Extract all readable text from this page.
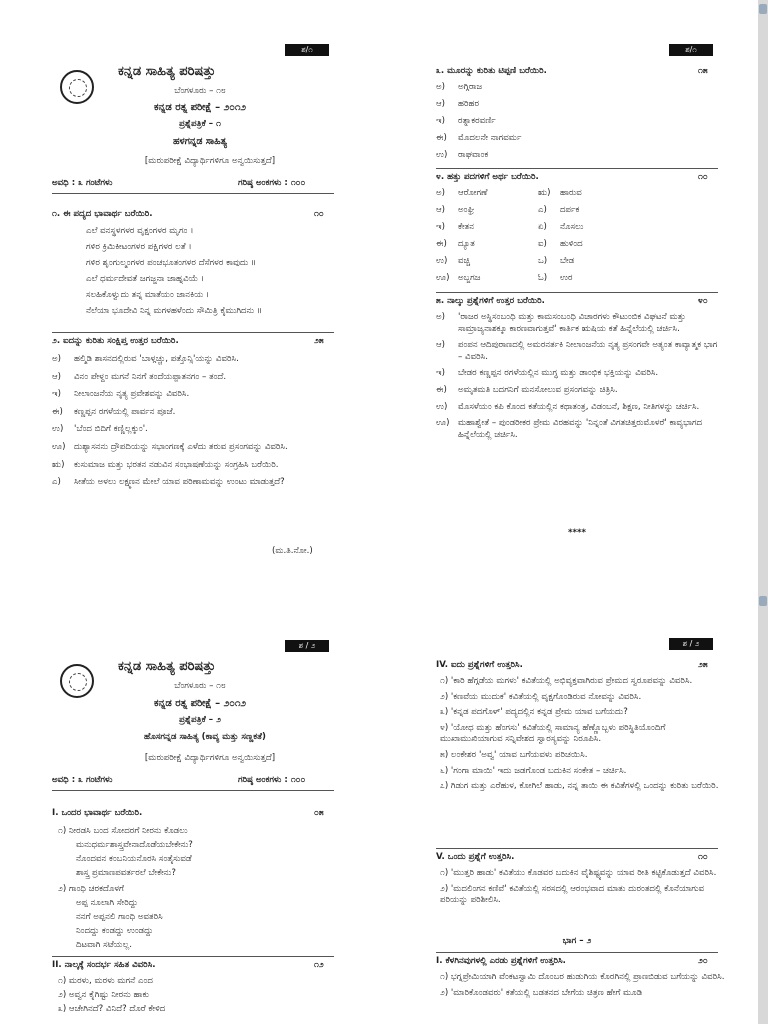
ಶ/೧
ಕನ್ನಡ ಸಾಹಿತ್ಯ ಪರಿಷತ್ತು
ಬೆಂಗಳೂರು – ೧೮
ಕನ್ನಡ ರತ್ನ ಪರೀಕ್ಷೆ – ೨೦೧೨
ಪ್ರಶ್ನೆಪತ್ರಿಕೆ – ೧
ಹಳಗನ್ನಡ ಸಾಹಿತ್ಯ
[ಮರುಪರೀಕ್ಷೆ ವಿದ್ಯಾರ್ಥಿಗಳಿಗೂ ಅನ್ವಯಿಸುತ್ತದೆ]
ಅವಧಿ : ೩ ಗಂಟೆಗಳು	ಗರಿಷ್ಠ ಅಂಕಗಳು : ೧೦೦
೧. ಈ ಪದ್ಯದ ಭಾವಾರ್ಥ ಬರೆಯಿರಿ.	೧೦
ಎಲೆ ವನಸ್ಥಳಗಳರ ವೃಕ್ಷಂಗಳರ ಮೃಗಂ ।
ಗಳಿರ ಕ್ರಿಮಿಕೀಟಂಗಳರ ಪಕ್ಷಿಗಳರ ಲತೆ ।
ಗಳಿರ ಶೃಂಗುಲ್ಮಂಗಳರ ಪಂಚಭೂತಂಗಳರ ದೆಸೆಗಳರ ಕಾವುದು ॥
ಎಲೆ ಧರ್ಮದೇವತೆ ಜಗಜ್ಜನಾ ಜಾಹ್ನವಿಯೆ ।
ಸಲಹಿಕೊಳ್ವುದು ತನ್ನ ಮಾತೆಯಂ ಜಾನಕಿಯ ।
ನೆಲೆಯಾ ಭೂದೇವಿ ನಿನ್ನ ಮಗಳಹಳೆಂದು ಸೌಮಿತ್ರಿ ಕೈಮುಗಿದನು ॥
೨. ಐದನ್ನು ಕುರಿತು ಸಂಕ್ಷಿಪ್ತ ಉತ್ತರ ಬರೆಯಿರಿ.	೨೫
ಅ)	ಹಲ್ಮಿಡಿ ಶಾಸನದಲ್ಲಿರುವ 'ಬಾಳ್ಗಚ್ಚು, ಪತ್ತೊನ್ಸಿ'ಯನ್ನು ವಿವರಿಸಿ.
ಆ)	ವಿನಂ ಪೇಳ್ದಂ ಮಗನೆ ನಿನಗೆ ತಂದೆಯಪ್ಪಾತನಗಂ – ತಂದೆ.
ಇ)	ನೀಲಾಂಜನೆಯ ನೃತ್ಯ ಪ್ರವೇಶವನ್ನು ವಿವರಿಸಿ.
ಈ)	ಕಣ್ಣಪ್ಪನ ರಗಳೆಯಲ್ಲಿ ಪಾರ್ವನ ಪೂಜೆ.
ಉ)	'ಬೆಂದ ಬಿದಿಗೆ ಕಣ್ಣಿಲ್ಲಕ್ಕುಂ'.
ಊ) ದುಶ್ಯಾಸನನು ದ್ರೌಪದಿಯನ್ನು ಸಭಾಂಗಣಕ್ಕೆ ಎಳೆದು ತರುವ ಪ್ರಸಂಗವನ್ನು ವಿವರಿಸಿ.
ಋ)	ಕುಸುಮಾಜ ಮತ್ತು ಭರತನ ನಡುವಿನ ಸಂಭಾಷಣೆಯನ್ನು ಸಂಗ್ರಹಿಸಿ ಬರೆಯಿರಿ.
ಎ)	ಸೀತೆಯ ಅಳಲು ಲಕ್ಷ್ಮಣನ ಮೇಲೆ ಯಾವ ಪರಿಣಾಮವನ್ನು ಉಂಟು ಮಾಡುತ್ತದೆ?
(ಮ.ತಿ.ನೋ.)
ಶ/೧
೩. ಮೂರನ್ನು ಕುರಿತು ಟಿಪ್ಪಣಿ ಬರೆಯಿರಿ.	೧೫
ಅ)	ಅಗ್ಗಿರಾಜ
ಆ)	ಹರಿಹರ
ಇ)	ರತ್ನಾಕರವರ್ಣಿ
ಈ)	ಮೊದಲನೇ ನಾಗವರ್ಮ
ಉ)	ರಾಘವಾಂಕ
೪. ಹತ್ತು ಪದಗಳಿಗೆ ಅರ್ಥ ಬರೆಯಿರಿ.	೧೦
ಅ)	ಆರೋಗಣೆ	ಋ)	ಹಾರುವ
ಆ)	ಅಂಘ್ರಿ	ಎ)	ದರ್ಪಕ
ಇ)	ಕೇತನ	ಏ)	ನೊಸಲು
ಈ)	ದ್ಯೂತ	ಐ)	ಹುಳಿಂದ
ಉ)	ವಚ್ಚಿ	ಒ)	ಬೇಡ
ಊ) ಅಬ್ಜಗಜ	ಓ)	ಉರ
೫. ನಾಲ್ಕು ಪ್ರಶ್ನೆಗಳಿಗೆ ಉತ್ತರ ಬರೆಯಿರಿ.	೪೦
ಅ)	'ರಾಜರ ಅಸ್ಥಿಸಂಬಂಧಿ ಮತ್ತು ಕಾಮಸಂಬಂಧಿ ವಿಚಾರಗಳು ಕೌಟುಂಬಿಕ ವಿಘಟನೆ ಮತ್ತು ಸಾಮ್ರಾಜ್ಯನಾಶಕ್ಕೂ ಕಾರಣವಾಗುತ್ತವೆ' ಕಾರ್ತಿಕ ಋಷಿಯ ಕತೆ ಹಿನ್ನೆಲೆಯಲ್ಲಿ ಚರ್ಚಿಸಿ.
ಆ)	ಪಂಪನ ಆದಿಪುರಾಣದಲ್ಲಿ ಅಮರನರ್ತಕಿ ನೀಲಾಂಜನೆಯ ನೃತ್ಯ ಪ್ರಸಂಗವೇ ಅತ್ಯಂತ ಕಾವ್ಯಾತ್ಮಕ ಭಾಗ – ವಿವರಿಸಿ.
ಇ)	ಬೇಡರ ಕಣ್ಣಪ್ಪನ ರಗಳೆಯಲ್ಲಿನ ಮುಗ್ಧ ಮತ್ತು ಡಾಂಭಿಕ ಭಕ್ತಿಯನ್ನು ವಿವರಿಸಿ.
ಈ)	ಅಮೃತಮತಿ ಬದಗನಿಗೆ ಮನಸೋಲುವ ಪ್ರಸಂಗವನ್ನು ಚಿತ್ರಿಸಿ.
ಉ)	ಮೊಸಳೆಯಂ ಕಪಿ ಕೊಂದ ಕತೆಯಲ್ಲಿನ ಕಥಾತಂತ್ರ, ವಿಡಂಬನೆ, ಶಿಕ್ಷಣ, ನೀತಿಗಳನ್ನು ಚರ್ಚಿಸಿ.
ಊ) ಮಹಾಶ್ವೇತೆ – ಪುಂಡರೀಕರ ಪ್ರೇಮ ವಿರಹವನ್ನು 'ನಿನ್ನಂತೆ ವಿಗತಚಿತ್ತರುಮೊಳರೆ' ಕಾವ್ಯಭಾಗದ ಹಿನ್ನೆಲೆಯಲ್ಲಿ ಚರ್ಚಿಸಿ.
****
ಶ / ೨
ಕನ್ನಡ ಸಾಹಿತ್ಯ ಪರಿಷತ್ತು
ಬೆಂಗಳೂರು – ೧೮
ಕನ್ನಡ ರತ್ನ ಪರೀಕ್ಷೆ – ೨೦೧೨
ಪ್ರಶ್ನೆಪತ್ರಿಕೆ – ೨
ಹೊಸಗನ್ನಡ ಸಾಹಿತ್ಯ (ಕಾವ್ಯ ಮತ್ತು ಸಣ್ಣಕತೆ)
[ಮರುಪರೀಕ್ಷೆ ವಿದ್ಯಾರ್ಥಿಗಳಿಗೂ ಅನ್ವಯಿಸುತ್ತದೆ]
ಅವಧಿ : ೩ ಗಂಟೆಗಳು	ಗರಿಷ್ಠ ಅಂಕಗಳು : ೧೦೦
I. ಒಂದರ ಭಾವಾರ್ಥ ಬರೆಯಿರಿ.	೦೫
೧) ನೀರಡಸಿ ಬಂದ ಸೋದರಗೆ ನೀರನು ಕೊಡಲು
ಮನುಧರ್ಮಶಾಸ್ತ್ರವೇನಾದೊಡೆಯಬೇಕೇನು?
ನೊಂದವನ ಕಂಬನಿಯನೊರಸಿ ಸಂತೈಸುವಡೆ
ಶಾಸ್ತ್ರ ಪ್ರಮಾಣಪವರ್ತರಲೆ ಬೇಕೇನು?
೨) ಗಾಂಧಿ ಚರಕದೊಳಗೆ
ಅಪ್ಪ ನೂಲಾಗಿ ಸೇರಿದ್ದು
ನನಗೆ ಅಪ್ಪನಲಿ ಗಾಂಧಿ ಅವತರಿಸಿ
ನಿಂದದ್ದು ಕಂಡದ್ದು ಉಂಡದ್ದು
ದಿಟವಾಗಿ ಸಟೆಯಲ್ಲ.
II. ನಾಲ್ಕಕ್ಕೆ ಸಂದರ್ಭ ಸಹಿತ ವಿವರಿಸಿ.	೧೨
೧) ಮರಳು, ಮರಳು ಮಗನೆ ಎಂದ
೨) ಅವ್ವನ ಕೈಗಿಷ್ಟು ನೀರನು ಹಾಕು
೩) ಆಚೇಗಿನದೆ? ವಿನಿದೆ? ದೊರೆ ಕೇಳಿದ
ಶ / ೨
IV. ಐದು ಪ್ರಶ್ನೆಗಳಿಗೆ ಉತ್ತರಿಸಿ.	೨೫
೧) 'ಕಾರಿ ಹೆಗ್ಗಡೆಯ ಮಗಳು' ಕವಿತೆಯಲ್ಲಿ ಅಭಿವ್ಯಕ್ತವಾಗಿರುವ ಪ್ರೇಮದ ಸ್ವರೂಪವನ್ನು ವಿವರಿಸಿ.
೨) 'ಕಣವೆಯ ಮುದುಕ' ಕವಿತೆಯಲ್ಲಿ ವೃಕ್ಷಗೊಂಡಿರುವ ನೋವನ್ನು ವಿವರಿಸಿ.
೩) 'ಕನ್ನಡ ಪದಗೊಳ್' ಪದ್ಯದಲ್ಲಿನ ಕನ್ನಡ ಪ್ರೇಮ ಯಾವ ಬಗೆಯದು?
೪) 'ಯೋಧ ಮತ್ತು ಹೆಂಗಸು' ಕವಿತೆಯಲ್ಲಿ ಸಾಮಾನ್ಯ ಹೆಣ್ಣೊಬ್ಬಳು ಪರಿಸ್ಥಿತಿಯೊಂದಿಗೆ ಮುಖಾಮುಖಿಯಾಗುವ ಸನ್ನಿವೇಶದ ಸ್ವಾರಸ್ಯವನ್ನು ನಿರೂಪಿಸಿ.
೫) ಲಂಕೇಶರ 'ಅವ್ವ' ಯಾವ ಬಗೆಯವಳು ಪರಿಚಯಿಸಿ.
೬) 'ಗಂಗಾ ಮಾಯಿ' ಇದು ಜಡಗೊಂಡ ಬದುಕಿನ ಸಂಕೇತ – ಚರ್ಚಿಸಿ.
೭) ಗಿಡುಗ ಮತ್ತು ಎರೆಹುಳ, ಕೋಗಿಲೆ ಹಾಡು, ನನ್ನ ತಾಯಿ ಈ ಕವಿತೆಗಳಲ್ಲಿ ಒಂದನ್ನು ಕುರಿತು ಬರೆಯಿರಿ.
V. ಒಂದು ಪ್ರಶ್ನೆಗೆ ಉತ್ತರಿಸಿ.	೧೦
೧) 'ಮುತ್ತರಿ ಹಾಡು' ಕವಿತೆಯು ಕೊಡವರ ಬದುಕಿನ ವೈಶಿಷ್ಟ್ಯವನ್ನು ಯಾವ ರೀತಿ ಕಟ್ಟಿಕೊಡುತ್ತದೆ ವಿವರಿಸಿ.
೨) 'ಮದಲಿಂಗನ ಕಣಿವೆ' ಕವಿತೆಯಲ್ಲಿ ಸರಸದಲ್ಲಿ ಆರಂಭವಾದ ಮಾತು ದುರಂತದಲ್ಲಿ ಕೊನೆಯಾಗುವ ಪರಿಯನ್ನು ಪರಿಶೀಲಿಸಿ.
ಭಾಗ – ೨
I. ಕೆಳಗಿನವುಗಳಲ್ಲಿ ಎರಡು ಪ್ರಶ್ನೆಗಳಿಗೆ ಉತ್ತರಿಸಿ.	೨೦
೧) ಭಗ್ನಪ್ರೇಮಿಯಾಗಿ ವೆಂಕಟಸ್ವಾಮಿ ದೊಂಬರ ಹುಡುಗಿಯ ಕೊರಗಿನಲ್ಲಿ ಪ್ರಾಣಬಿಡುವ ಬಗೆಯನ್ನು ವಿವರಿಸಿ.
೨) 'ಮಾರಿಕೊಂಡವರು' ಕತೆಯಲ್ಲಿ ಬಡತನದ ಬೇಗೆಯ ಚಿತ್ರಣ ಹೇಗೆ ಮೂಡಿ
